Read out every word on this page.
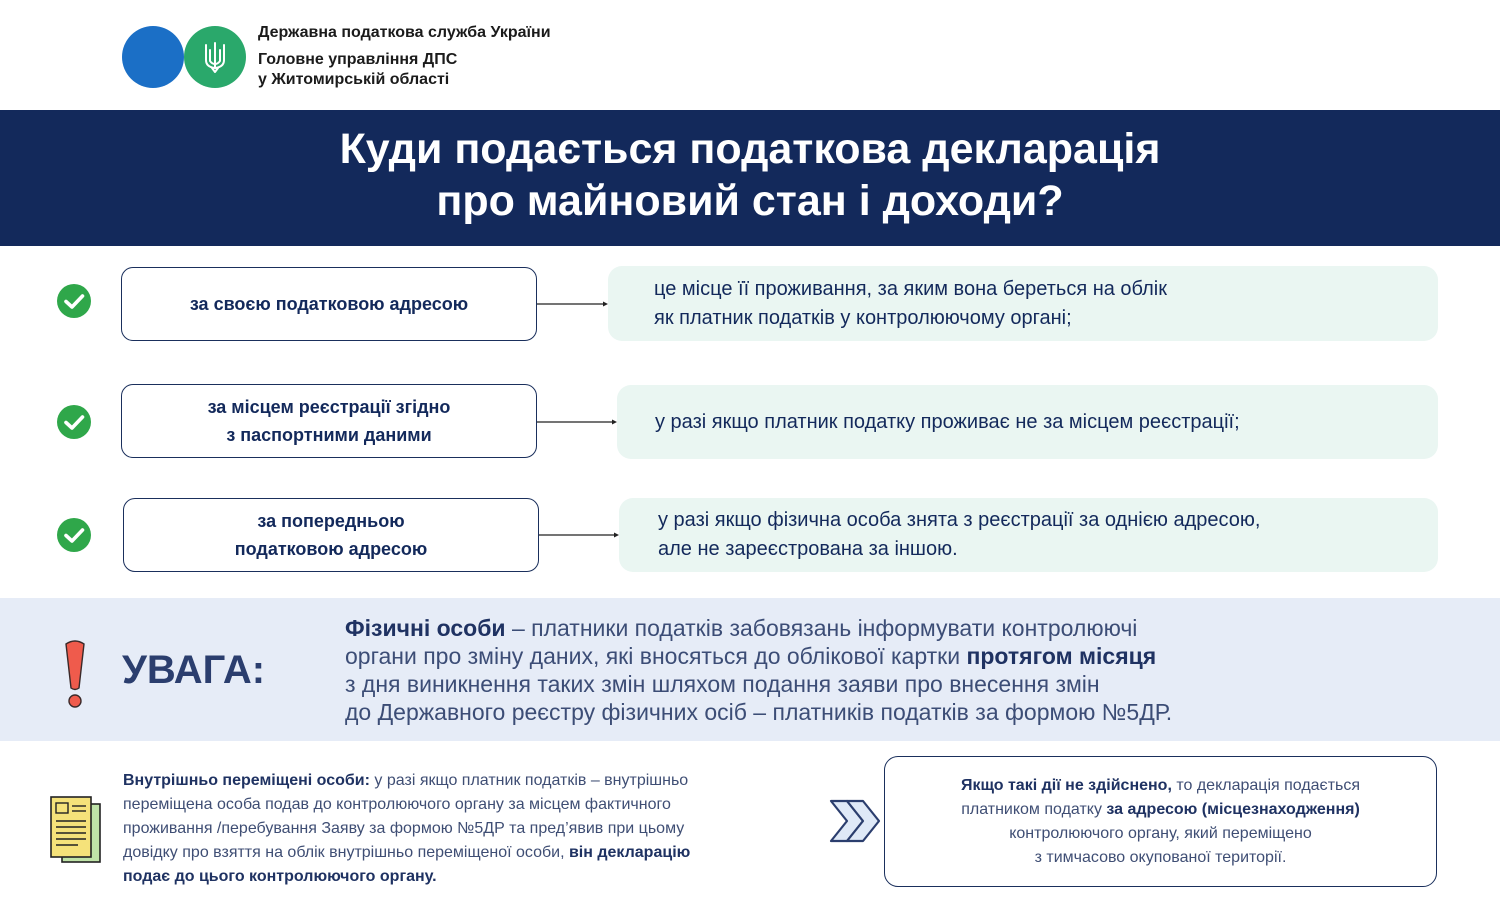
Державна податкова служба України
Головне управління ДПС
у Житомирській області
Куди подається податкова декларація
про майновий стан і доходи?
за своєю податковою адресою
це місце її проживання, за яким вона береться на облік
як платник податків у контролюючому органі;
за місцем реєстрації згідно
з паспортними даними
у разі якщо платник податку проживає не за місцем реєстрації;
за попередньою
податковою адресою
у разі якщо фізична особа знята з реєстрації за однією адресою,
але не зареєстрована за іншою.
УВАГА:
Фізичні особи – платники податків забовязань інформувати контролюючі
органи про зміну даних, які вносяться до облікової картки протягом місяця
з дня виникнення таких змін шляхом подання заяви про внесення змін
до Державного реєстру фізичних осіб – платників податків за формою №5ДР.
Внутрішньо переміщені особи: у разі якщо платник податків – внутрішньо
переміщена особа подав до контролюючого органу за місцем фактичного
проживання /перебування Заяву за формою №5ДР та пред’явив при цьому
довідку про взяття на облік внутрішньо переміщеної особи, він декларацію
подає до цього контролюючого органу.
Якщо такі дії не здійснено, то декларація подається
платником податку за адресою (місцезнаходження)
контролюючого органу, який переміщено
з тимчасово окупованої території.
